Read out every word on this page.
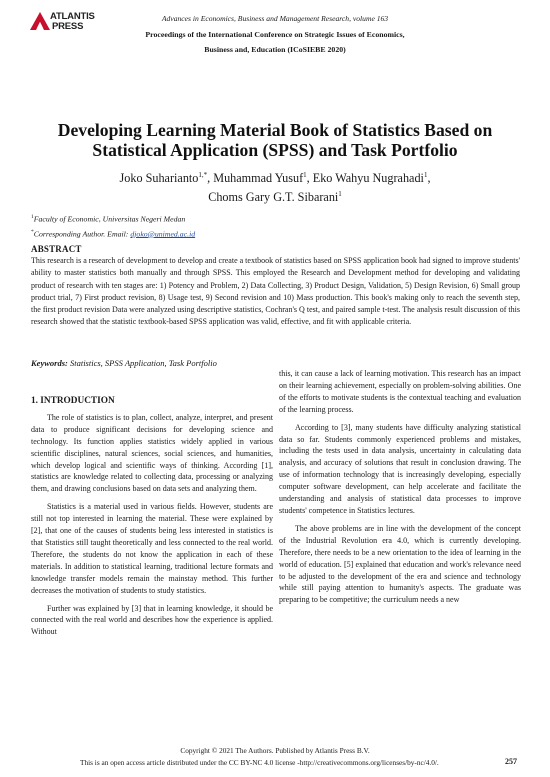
ATLANTIS
PRESS
Advances in Economics, Business and Management Research, volume 163
Proceedings of the International Conference on Strategic Issues of Economics,
Business and, Education (ICoSIEBE 2020)
Developing Learning Material Book of Statistics Based on Statistical Application (SPSS) and Task Portfolio
Joko Suharianto$^{1,*}$, Muhammad Yusuf$^1$, Eko Wahyu Nugrahadi$^1$,
Choms Gary G.T. Sibarani$^1$
$^1$Faculty of Economic, Universitas Negeri Medan
*Corresponding Author. Email: djoko@unimed.ac.id
ABSTRACT
This research is a research of development to develop and create a textbook of statistics based on SPSS application book had signed to improve students' ability to master statistics both manually and through SPSS. This employed the Research and Development method for developing and validating product of research with ten stages are: 1) Potency and Problem, 2) Data Collecting, 3) Product Design, Validation, 5) Design Revision, 6) Small group product trial, 7) First product revision, 8) Usage test, 9) Second revision and 10) Mass production. This book's making only to reach the seventh step, the first product revision Data were analyzed using descriptive statistics, Cochran's Q test, and paired sample t-test. The analysis result discussion of this research showed that the statistic textbook-based SPSS application was valid, effective, and fit with applicable criteria.
Keywords: Statistics, SPSS Application, Task Portfolio
1. INTRODUCTION

The role of statistics is to plan, collect, analyze, interpret, and present data to produce significant decisions for developing science and technology. Its function applies statistics widely applied in various scientific disciplines, natural sciences, social sciences, and humanities, which develop logical and scientific ways of thinking. According [1], statistics are knowledge related to collecting data, processing or analyzing them, and drawing conclusions based on data sets and analyzing them.

Statistics is a material used in various fields. However, students are still not top interested in learning the material. These were explained by [2], that one of the causes of students being less interested in statistics is that Statistics still taught theoretically and less connected to the real world. Therefore, the students do not know the application in each of these materials. In addition to statistical learning, traditional lecture formats and knowledge transfer models remain the mainstay method. This further decreases the motivation of students to study statistics.

Further was explained by [3] that in learning knowledge, it should be connected with the real world and describes how the experience is applied. Without

this, it can cause a lack of learning motivation. This research has an impact on their learning achievement, especially on problem-solving abilities. One of the efforts to motivate students is the contextual teaching and evaluation of the learning process.

According to [3], many students have difficulty analyzing statistical data so far. Students commonly experienced problems and mistakes, including the tests used in data analysis, uncertainty in calculating data analysis, and accuracy of solutions that result in conclusion drawing. The use of information technology that is increasingly developing, especially computer software development, can help accelerate and facilitate the understanding and analysis of statistical data processes to improve students' competence in Statistics lectures.

The above problems are in line with the development of the concept of the Industrial Revolution era 4.0, which is currently developing. Therefore, there needs to be a new orientation to the idea of learning in the world of education. [5] explained that education and work's relevance need to be adjusted to the development of the era and science and technology while still paying attention to humanity's aspects. The graduate was preparing to be competitive; the curriculum needs a new

Copyright © 2021 The Authors. Published by Atlantis Press B.V.
This is an open access article distributed under the CC BY-NC 4.0 license -http://creativecommons.org/licenses/by-nc/4.0/.	257
